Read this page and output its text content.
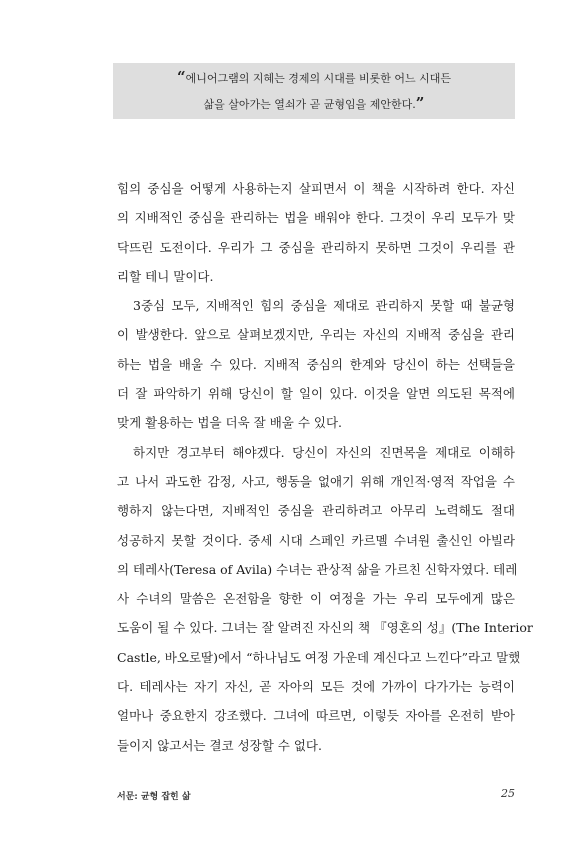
“에니어그램의 지혜는 경제의 시대를 비롯한 어느 시대든
삶을 살아가는 열쇠가 곧 균형임을 제안한다.”
힘의 중심을 어떻게 사용하는지 살피면서 이 책을 시작하려 한다. 자신
의 지배적인 중심을 관리하는 법을 배워야 한다. 그것이 우리 모두가 맞
닥뜨린 도전이다. 우리가 그 중심을 관리하지 못하면 그것이 우리를 관
리할 테니 말이다.
3중심 모두, 지배적인 힘의 중심을 제대로 관리하지 못할 때 불균형
이 발생한다. 앞으로 살펴보겠지만, 우리는 자신의 지배적 중심을 관리
하는 법을 배울 수 있다. 지배적 중심의 한계와 당신이 하는 선택들을
더 잘 파악하기 위해 당신이 할 일이 있다. 이것을 알면 의도된 목적에
맞게 활용하는 법을 더욱 잘 배울 수 있다.
하지만 경고부터 해야겠다. 당신이 자신의 진면목을 제대로 이해하
고 나서 과도한 감정, 사고, 행동을 없애기 위해 개인적·영적 작업을 수
행하지 않는다면, 지배적인 중심을 관리하려고 아무리 노력해도 절대
성공하지 못할 것이다. 중세 시대 스페인 카르멜 수녀원 출신인 아빌라
의 테레사(Teresa of Avila) 수녀는 관상적 삶을 가르친 신학자였다. 테레
사 수녀의 말씀은 온전함을 향한 이 여정을 가는 우리 모두에게 많은
도움이 될 수 있다. 그녀는 잘 알려진 자신의 책 『영혼의 성』(The Interior
Castle, 바오로딸)에서 “하나님도 여정 가운데 계신다고 느낀다”라고 말했
다. 테레사는 자기 자신, 곧 자아의 모든 것에 가까이 다가가는 능력이
얼마나 중요한지 강조했다. 그녀에 따르면, 이렇듯 자아를 온전히 받아
들이지 않고서는 결코 성장할 수 없다.
서문: 균형 잡힌 삶	25
